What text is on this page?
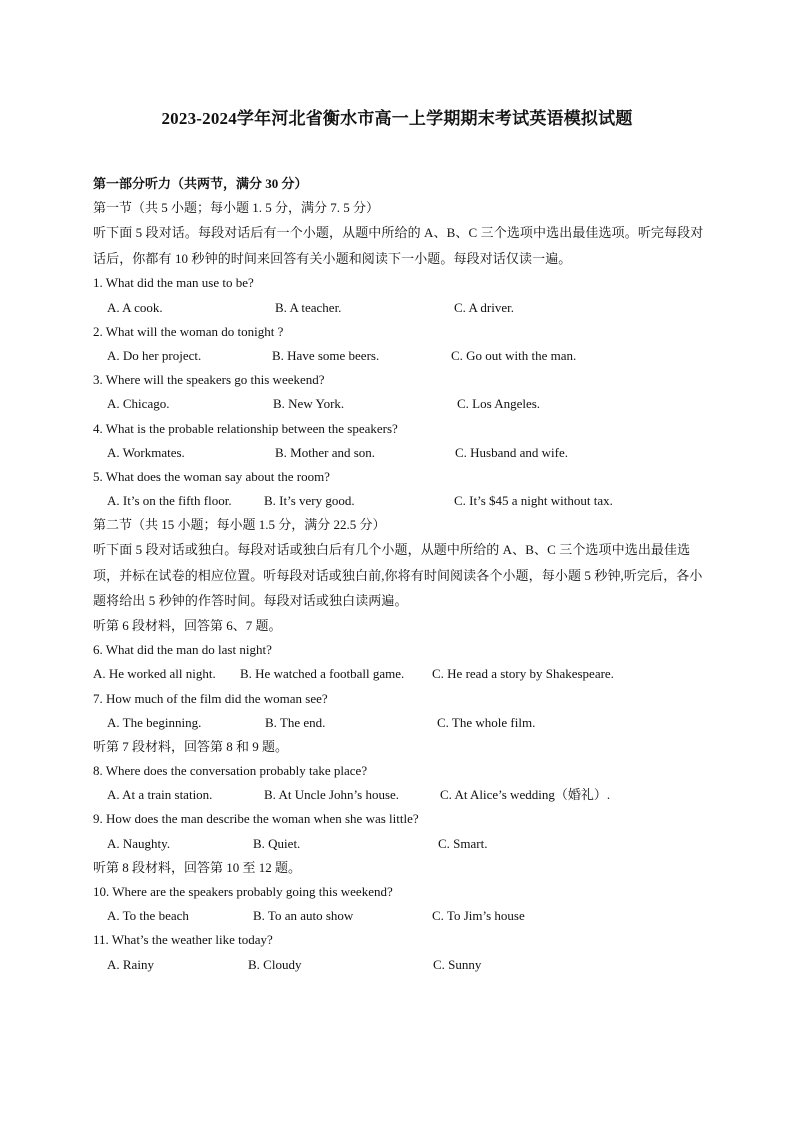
2023-2024学年河北省衡水市高一上学期期末考试英语模拟试题
第一部分听力（共两节，满分 30 分）
第一节（共 5 小题；每小题 1. 5 分，满分 7. 5 分）
听下面 5 段对话。每段对话后有一个小题，从题中所给的 A、B、C 三个选项中选出最佳选项。听完每段对话后，你都有 10 秒钟的时间来回答有关小题和阅读下一小题。每段对话仅读一遍。
1. What did the man use to be?
A. A cook.	B. A teacher.	C. A driver.
2. What will the woman do tonight ?
A. Do her project.	B. Have some beers.	C. Go out with the man.
3. Where will the speakers go this weekend?
A. Chicago.	B. New York.	C. Los Angeles.
4. What is the probable relationship between the speakers?
A. Workmates.	B. Mother and son.	C. Husband and wife.
5. What does the woman say about the room?
A. It’s on the fifth floor. B. It’s very good.	C. It’s $45 a night without tax.
第二节（共 15 小题；每小题 1.5 分，满分 22.5 分）
听下面 5 段对话或独白。每段对话或独白后有几个小题，从题中所给的 A、B、C 三个选项中选出最佳选项，并标在试卷的相应位置。听每段对话或独白前,你将有时间阅读各个小题，每小题 5 秒钟,听完后，各小题将给出 5 秒钟的作答时间。每段对话或独白读两遍。
听第 6 段材料，回答第 6、7 题。
6. What did the man do last night?
A. He worked all night. B. He watched a football game. C. He read a story by Shakespeare.
7. How much of the film did the woman see?
A. The beginning.	B. The end.	C. The whole film.
听第 7 段材料，回答第 8 和 9 题。
8. Where does the conversation probably take place?
A. At a train station.	B. At Uncle John’s house.	C. At Alice’s wedding（婚礼）.
9. How does the man describe the woman when she was little?
A. Naughty.	B. Quiet.	C. Smart.
听第 8 段材料，回答第 10 至 12 题。
10. Where are the speakers probably going this weekend?
A. To the beach	B. To an auto show	C. To Jim’s house
11. What’s the weather like today?
A. Rainy	B. Cloudy	C. Sunny
